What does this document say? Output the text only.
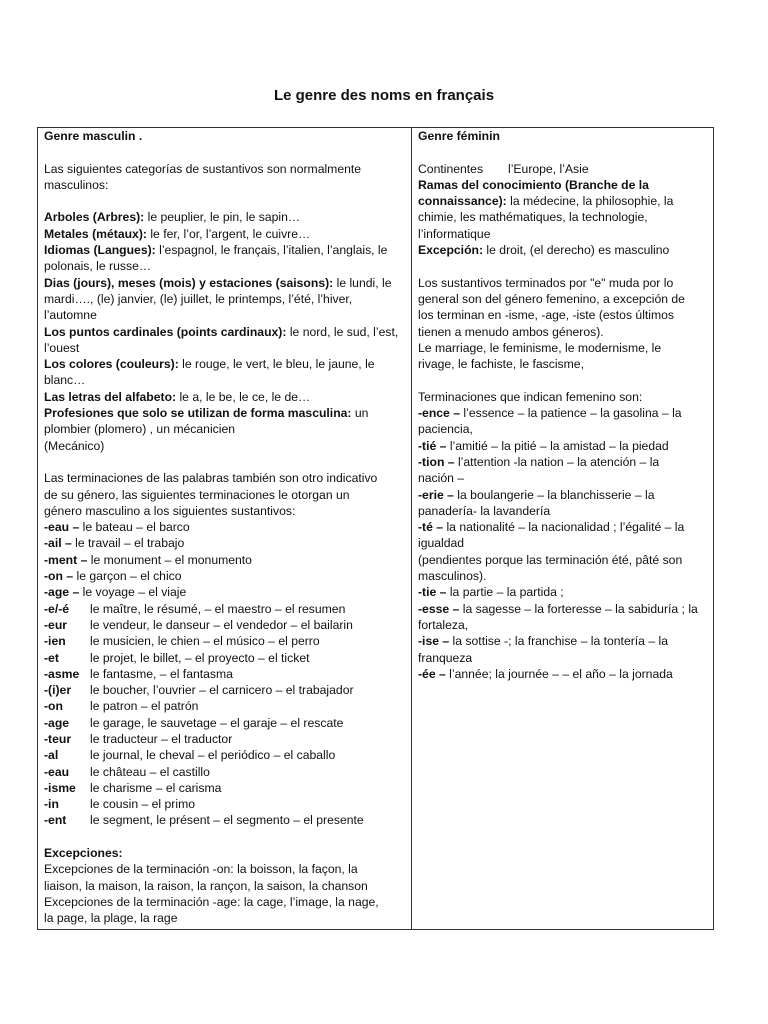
Le genre des noms en français
Genre masculin .
Las siguientes categorías de sustantivos son normalmente
masculinos:
Arboles (Arbres): le peuplier, le pin, le sapin…
Metales (métaux): le fer, l’or, l’argent, le cuivre…
Idiomas (Langues): l’espagnol, le français, l’italien, l’anglais, le
polonais, le russe…
Dias (jours), meses (mois) y estaciones (saisons): le lundi, le
mardi…., (le) janvier, (le) juillet, le printemps, l’été, l’hiver,
l’automne
Los puntos cardinales (points cardinaux): le nord, le sud, l’est,
l’ouest
Los colores (couleurs): le rouge, le vert, le bleu, le jaune, le
blanc…
Las letras del alfabeto: le a, le be, le ce, le de…
Profesiones que solo se utilizan de forma masculina: un
plombier (plomero) , un mécanicien
(Mecánico)
Las terminaciones de las palabras también son otro indicativo
de su género, las siguientes terminaciones le otorgan un
género masculino a los siguientes sustantivos:
-eau – le bateau – el barco
-ail – le travail – el trabajo
-ment – le monument – el monumento
-on – le garçon – el chico
-age – le voyage – el viaje
-e/-é le maître, le résumé, – el maestro – el resumen
-eur le vendeur, le danseur – el vendedor – el bailarin
-ien le musicien, le chien – el músico – el perro
-et	le projet, le billet, – el proyecto – el ticket
-asme le fantasme, – el fantasma
-(i)er le boucher, l’ouvrier – el carnicero – el trabajador
-on le patron – el patrón
-age le garage, le sauvetage – el garaje – el rescate
-teur le traducteur – el traductor
-al	le journal, le cheval – el periódico – el caballo
-eau le château – el castillo
-isme le charisme – el carisma
-in	le cousin – el primo
-ent le segment, le présent – el segmento – el presente
Excepciones:
Excepciones de la terminación -on: la boisson, la façon, la
liaison, la maison, la raison, la rançon, la saison, la chanson
Excepciones de la terminación -age: la cage, l’image, la nage,
la page, la plage, la rage
Genre féminin
Continentes l’Europe, l’Asie
Ramas del conocimiento (Branche de la
connaissance): la médecine, la philosophie, la
chimie, les mathématiques, la technologie,
l’informatique
Excepción: le droit, (el derecho) es masculino
Los sustantivos terminados por "e" muda por lo
general son del género femenino, a excepción de
los terminan en -isme, -age, -iste (estos últimos
tienen a menudo ambos géneros).
Le marriage, le feminisme, le modernisme, le
rivage, le fachiste, le fascisme,
Terminaciones que indican femenino son:
-ence – l’essence – la patience – la gasolina – la
paciencia,
-tié – l’amitié – la pitié – la amistad – la piedad
-tion – l’attention -la nation – la atención – la
nación –
-erie – la boulangerie – la blanchisserie – la
panadería- la lavandería
-té – la nationalité – la nacionalidad ; l’égalité – la
igualdad
(pendientes porque las terminación été, pâté son
masculinos).
-tie – la partie – la partida ;
-esse – la sagesse – la forteresse – la sabiduría ; la
fortaleza,
-ise – la sottise -; la franchise – la tontería – la
franqueza
-ée – l’année; la journée – – el año – la jornada
